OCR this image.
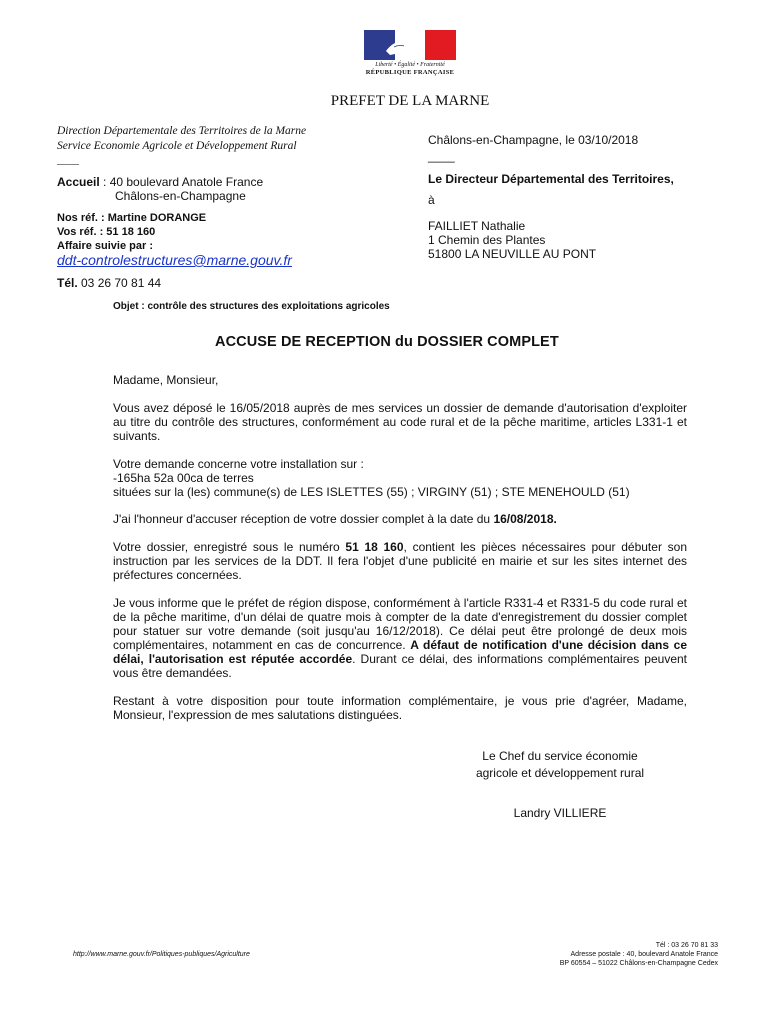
Liberté • Égalité • Fraternité
RÉPUBLIQUE FRANÇAISE
PREFET DE LA MARNE
Direction Départementale des Territoires de la Marne
Service Economie Agricole et Développement Rural
____
Accueil : 40 boulevard Anatole France
Châlons-en-Champagne
Nos réf. : Martine DORANGE
Vos réf. : 51 18 160
Affaire suivie par :
ddt-controlestructures@marne.gouv.fr
Tél. 03 26 70 81 44
Châlons-en-Champagne, le 03/10/2018
____
Le Directeur Départemental des Territoires,
à
FAILLIET Nathalie
1 Chemin des Plantes
51800 LA NEUVILLE AU PONT
Objet : contrôle des structures des exploitations agricoles
ACCUSE DE RECEPTION du DOSSIER COMPLET
Madame, Monsieur,
Vous avez déposé le 16/05/2018 auprès de mes services un dossier de demande d'autorisation d'exploiter au titre du contrôle des structures, conformément au code rural et de la pêche maritime, articles L331-1 et suivants.
Votre demande concerne votre installation sur :
-165ha 52a 00ca de terres
situées sur la (les) commune(s) de LES ISLETTES (55) ; VIRGINY (51) ; STE MENEHOULD (51)
J'ai l'honneur d'accuser réception de votre dossier complet à la date du 16/08/2018.
Votre dossier, enregistré sous le numéro 51 18 160, contient les pièces nécessaires pour débuter son instruction par les services de la DDT. Il fera l'objet d'une publicité en mairie et sur les sites internet des préfectures concernées.
Je vous informe que le préfet de région dispose, conformément à l'article R331-4 et R331-5 du code rural et de la pêche maritime, d'un délai de quatre mois à compter de la date d'enregistrement du dossier complet pour statuer sur votre demande (soit jusqu'au 16/12/2018). Ce délai peut être prolongé de deux mois complémentaires, notamment en cas de concurrence. A défaut de notification d'une décision dans ce délai, l'autorisation est réputée accordée. Durant ce délai, des informations complémentaires peuvent vous être demandées.
Restant à votre disposition pour toute information complémentaire, je vous prie d'agréer, Madame, Monsieur, l'expression de mes salutations distinguées.
Le Chef du service économie
agricole et développement rural
Landry VILLIERE
http://www.marne.gouv.fr/Politiques-publiques/Agriculture
Tél : 03 26 70 81 33
Adresse postale : 40, boulevard Anatole France
BP 60554 – 51022 Châlons-en-Champagne Cedex
